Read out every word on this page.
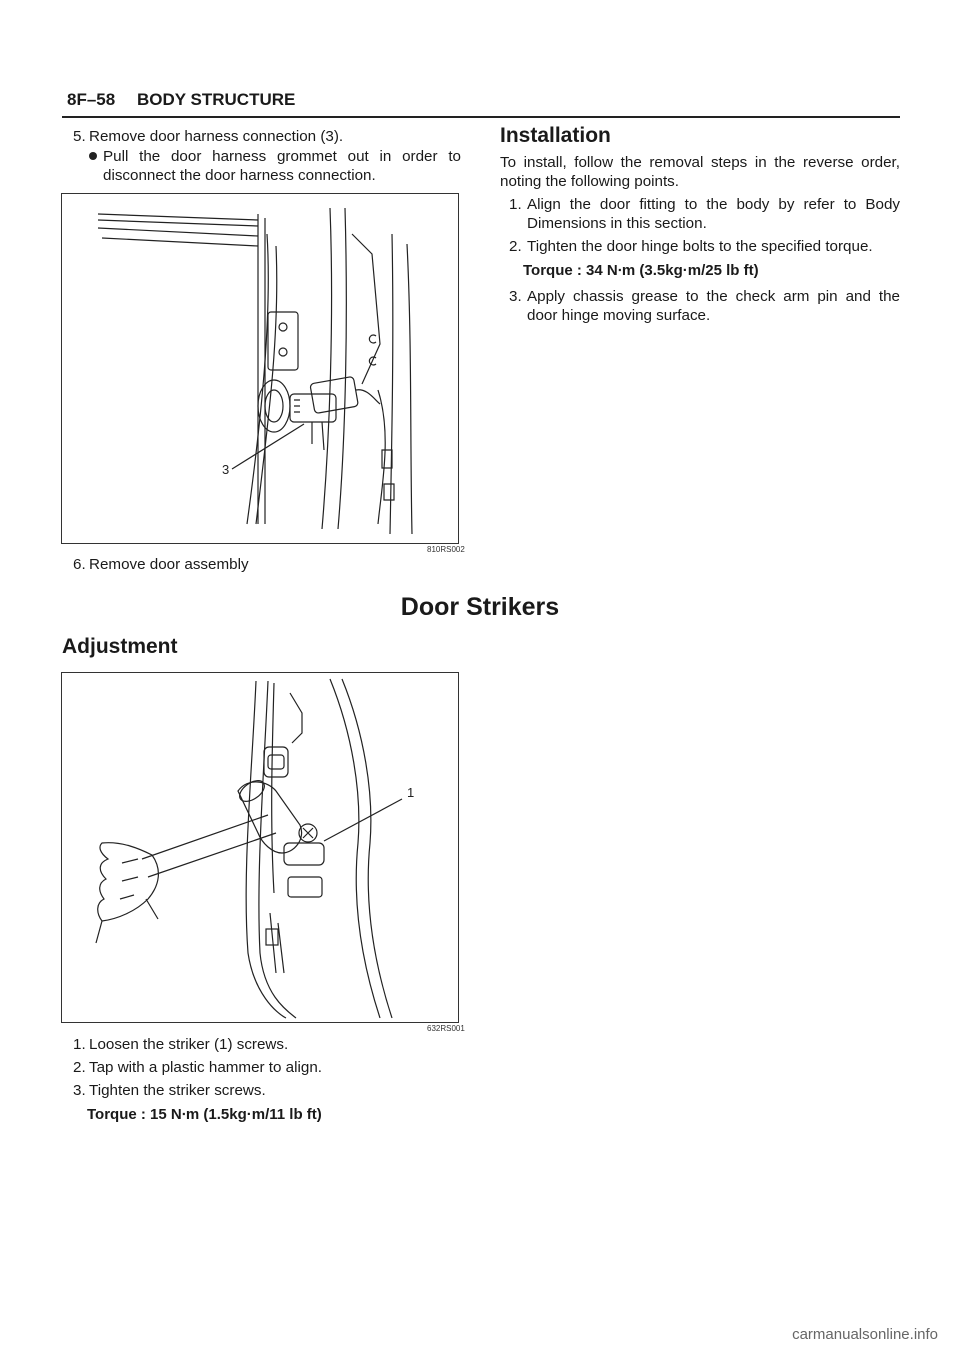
8F–58 BODY STRUCTURE
5. Remove door harness connection (3).
Pull the door harness grommet out in order to
disconnect the door harness connection.
3
810RS002
6. Remove door assembly
Installation
To install, follow the removal steps in the reverse order,
noting the following points.
1. Align the door fitting to the body by refer to Body
Dimensions in this section.
2. Tighten the door hinge bolts to the specified torque.
Torque : 34 N∙m (3.5kg·m/25 lb ft)
3. Apply chassis grease to the check arm pin and the
door hinge moving surface.
Door Strikers
Adjustment
1
632RS001
1. Loosen the striker (1) screws.
2. Tap with a plastic hammer to align.
3. Tighten the striker screws.
Torque : 15 N∙m (1.5kg·m/11 lb ft)
carmanualsonline.info
